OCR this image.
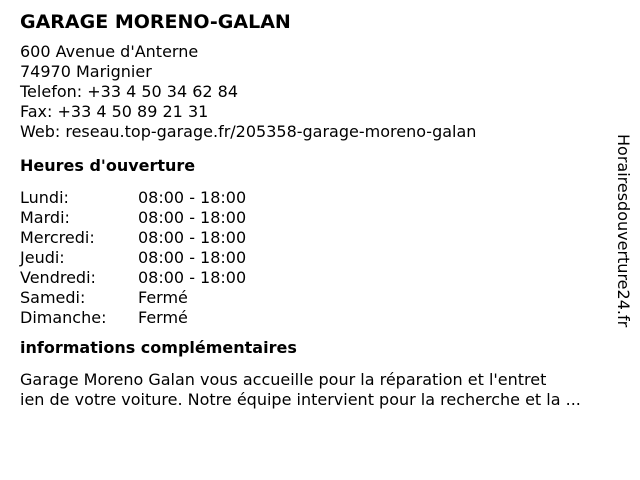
GARAGE MORENO-GALAN
600 Avenue d'Anterne
74970 Marignier
Telefon: +33 4 50 34 62 84
Fax: +33 4 50 89 21 31
Web: reseau.top-garage.fr/205358-garage-moreno-galan
Heures d'ouverture
Lundi:	08:00 - 18:00
Mardi:	08:00 - 18:00
Mercredi:	08:00 - 18:00
Jeudi:	08:00 - 18:00
Vendredi:	08:00 - 18:00
Samedi:	Fermé
Dimanche:	Fermé
informations complémentaires
Garage Moreno Galan vous accueille pour la réparation et l'entret
ien de votre voiture. Notre équipe intervient pour la recherche et la ...
Horairesdouverture24.fr
